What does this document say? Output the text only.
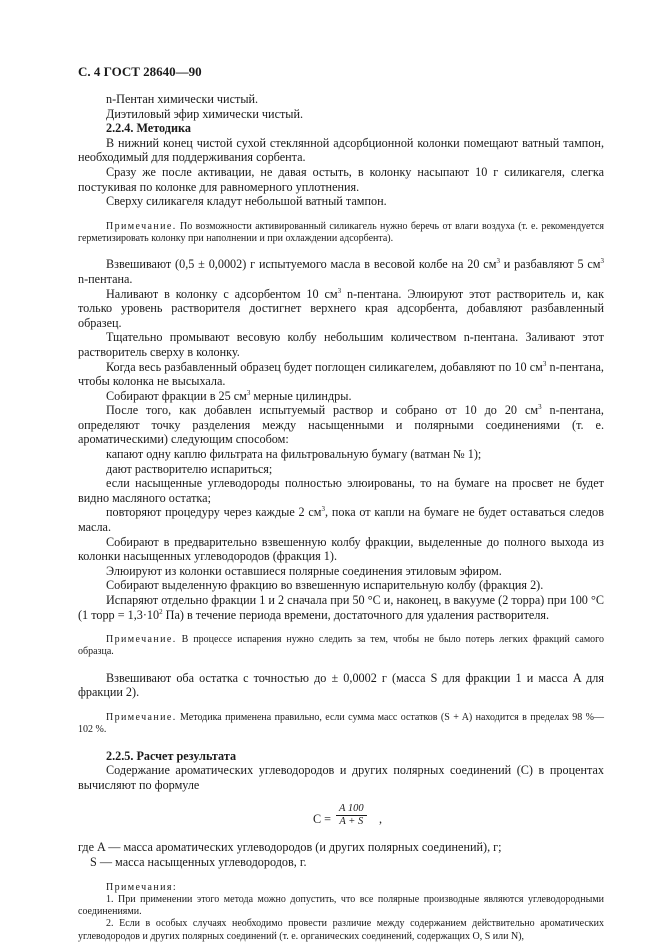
С. 4 ГОСТ 28640—90

n-Пентан химически чистый.

Диэтиловый эфир химически чистый.

2.2.4. Методика

В нижний конец чистой сухой стеклянной адсорбционной колонки помещают ватный тампон, необходимый для поддерживания сорбента.

Сразу же после активации, не давая остыть, в колонку насыпают 10 г силикагеля, слегка постукивая по колонке для равномерного уплотнения.

Сверху силикагеля кладут небольшой ватный тампон.

Примечание. По возможности активированный силикагель нужно беречь от влаги воздуха (т. е. рекомендуется герметизировать колонку при наполнении и при охлаждении адсорбента).

Взвешивают (0,5 ± 0,0002) г испытуемого масла в весовой колбе на 20 $см^3$ и разбавляют 5 $см^3$ n-пентана.

Наливают в колонку с адсорбентом 10 $см^3$ n-пентана. Элюируют этот растворитель и, как только уровень растворителя достигнет верхнего края адсорбента, добавляют разбавленный образец.

Тщательно промывают весовую колбу небольшим количеством n-пентана. Заливают этот растворитель сверху в колонку.

Когда весь разбавленный образец будет поглощен силикагелем, добавляют по 10 $см^3$ n-пентана, чтобы колонка не высыхала.

Собирают фракции в 25 $см^3$ мерные цилиндры.

После того, как добавлен испытуемый раствор и собрано от 10 до 20 $см^3$ n-пентана, определяют точку разделения между насыщенными и полярными соединениями (т. е. ароматическими) следующим способом:

капают одну каплю фильтрата на фильтровальную бумагу (ватман № 1);

дают растворителю испариться;

если насыщенные углеводороды полностью элюированы, то на бумаге на просвет не будет видно масляного остатка;

повторяют процедуру через каждые 2 $см^3$, пока от капли на бумаге не будет оставаться следов масла.

Собирают в предварительно взвешенную колбу фракции, выделенные до полного выхода из колонки насыщенных углеводородов (фракция 1).

Элюируют из колонки оставшиеся полярные соединения этиловым эфиром.

Собирают выделенную фракцию во взвешенную испарительную колбу (фракция 2).

Испаряют отдельно фракции 1 и 2 сначала при 50 °С и, наконец, в вакууме (2 торра) при 100 °С (1 торр = $1,3\cdot 10^2$ Па) в течение периода времени, достаточного для удаления растворителя.

Примечание. В процессе испарения нужно следить за тем, чтобы не было потерь легких фракций самого образца.

Взвешивают оба остатка с точностью до ± 0,0002 г (масса S для фракции 1 и масса A для фракции 2).

Примечание. Методика применена правильно, если сумма масс остатков (S + A) находится в пределах 98 %—102 %.

2.2.5. Расчет результата

Содержание ароматических углеводородов и других полярных соединений (С) в процентах вычисляют по формуле

$С = \frac{A 100}{A + S}$ ,

где A — масса ароматических углеводородов (и других полярных соединений), г;

S — масса насыщенных углеводородов, г.

Примечания:

1. При применении этого метода можно допустить, что все полярные производные являются углеводородными соединениями.

2. Если в особых случаях необходимо провести различие между содержанием действительно ароматических углеводородов и других полярных соединений (т. е. органических соединений, содержащих О, S или N),
